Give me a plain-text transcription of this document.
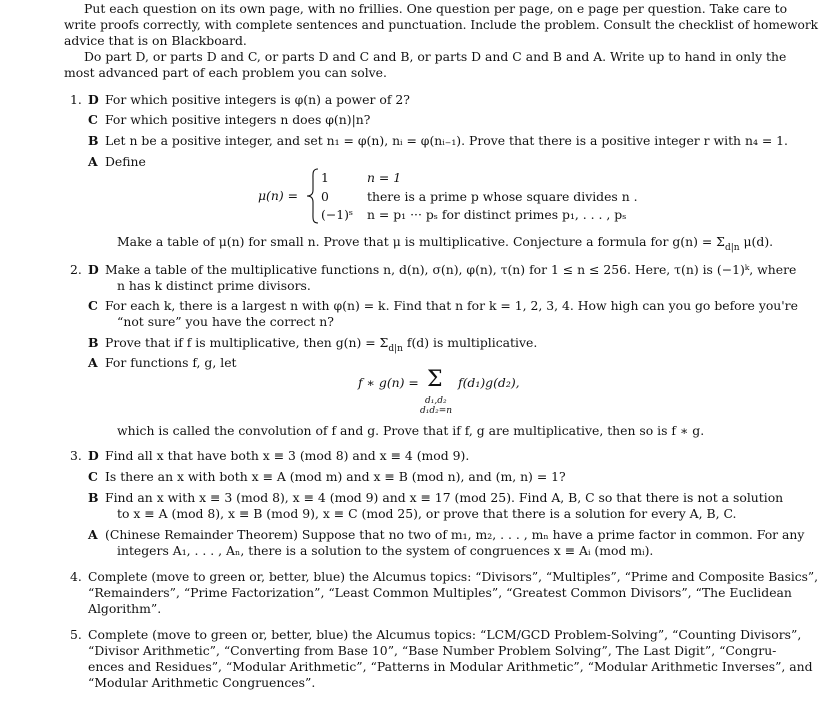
Put each question on its own page, with no frillies. One question per page, on e page per question. Take care to
write proofs correctly, with complete sentences and punctuation. Include the problem. Consult the checklist of homework
advice that is on Blackboard.
Do part D, or parts D and C, or parts D and C and B, or parts D and C and B and A. Write up to hand in only the
most advanced part of each problem you can solve.
1. D For which positive integers is φ(n) a power of 2?
C For which positive integers n does φ(n)|n?
B Let n be a positive integer, and set n₁ = φ(n), nᵢ = φ(nᵢ₋₁). Prove that there is a positive integer r with n₄ = 1.
A Define
μ(n) =
1	n = 1
0	there is a prime p whose square divides n .
(−1)ˢ n = p₁ ··· pₛ for distinct primes p₁, . . . , pₛ
Make a table of μ(n) for small n. Prove that μ is multiplicative. Conjecture a formula for $g(n) = \Sigma_{d|n}$ μ(d).
2. D Make a table of the multiplicative functions n, d(n), σ(n), φ(n), τ(n) for 1 ≤ n ≤ 256. Here, τ(n) is (−1)ᵏ, where
n has k distinct prime divisors.
C For each k, there is a largest n with φ(n) = k. Find that n for k = 1, 2, 3, 4. How high can you go before you're
“not sure” you have the correct n?
B Prove that if f is multiplicative, then $g(n) = \Sigma_{d|n}$ f(d) is multiplicative.
A For functions f, g, let
f ∗ g(n) = Σ f(d₁)g(d₂),
d₁,d₂
d₁d₂=n
which is called the convolution of f and g. Prove that if f, g are multiplicative, then so is f ∗ g.
3. D Find all x that have both x ≡ 3 (mod 8) and x ≡ 4 (mod 9).
C Is there an x with both x ≡ A (mod m) and x ≡ B (mod n), and (m, n) = 1?
B Find an x with x ≡ 3 (mod 8), x ≡ 4 (mod 9) and x ≡ 17 (mod 25). Find A, B, C so that there is not a solution
to x ≡ A (mod 8), x ≡ B (mod 9), x ≡ C (mod 25), or prove that there is a solution for every A, B, C.
A (Chinese Remainder Theorem) Suppose that no two of m₁, m₂, . . . , mₙ have a prime factor in common. For any
integers A₁, . . . , Aₙ, there is a solution to the system of congruences x ≡ Aᵢ (mod mᵢ).
4. Complete (move to green or, better, blue) the Alcumus topics: “Divisors”, “Multiples”, “Prime and Composite Basics”,
“Remainders”, “Prime Factorization”, “Least Common Multiples”, “Greatest Common Divisors”, “The Euclidean
Algorithm”.
5. Complete (move to green or, better, blue) the Alcumus topics: “LCM/GCD Problem-Solving”, “Counting Divisors”,
“Divisor Arithmetic”, “Converting from Base 10”, “Base Number Problem Solving”, The Last Digit”, “Congru-
ences and Residues”, “Modular Arithmetic”, “Patterns in Modular Arithmetic”, “Modular Arithmetic Inverses”, and
“Modular Arithmetic Congruences”.
